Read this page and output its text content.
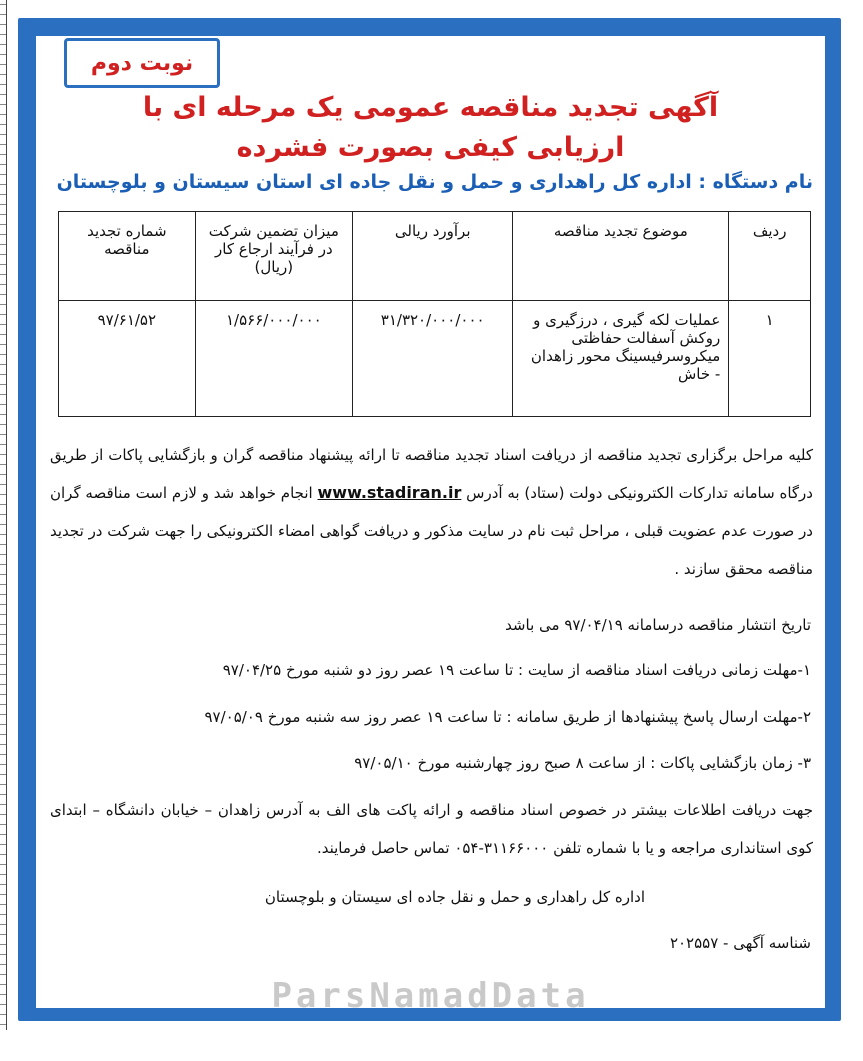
نوبت دوم
آگهی تجدید مناقصه عمومی یک مرحله ای با
ارزیابی کیفی بصورت فشرده
نام دستگاه : اداره کل راهداری و حمل و نقل جاده ای استان سیستان و بلوچستان
ردیف	موضوع تجدید مناقصه	برآورد ریالی	میزان تضمین شرکت در فرآیند ارجاع کار (ریال)	شماره تجدید مناقصه
۱	عملیات لکه گیری ، درزگیری و روکش آسفالت حفاظتی میکروسرفیسینگ محور زاهدان - خاش	۳۱/۳۲۰/۰۰۰/۰۰۰	۱/۵۶۶/۰۰۰/۰۰۰	۹۷/۶۱/۵۲
کلیه مراحل برگزاری تجدید مناقصه از دریافت اسناد تجدید مناقصه تا ارائه پیشنهاد مناقصه گران و بازگشایی پاکات از طریق درگاه سامانه تدارکات الکترونیکی دولت (ستاد) به آدرس www.stadiran.ir انجام خواهد شد و لازم است مناقصه گران در صورت عدم عضویت قبلی ، مراحل ثبت نام در سایت مذکور و دریافت گواهی امضاء الکترونیکی را جهت شرکت در تجدید مناقصه محقق سازند .
تاریخ انتشار مناقصه درسامانه ۹۷/۰۴/۱۹ می باشد
۱-مهلت زمانی دریافت اسناد مناقصه از سایت : تا ساعت ۱۹ عصر روز دو شنبه مورخ ۹۷/۰۴/۲۵
۲-مهلت ارسال پاسخ پیشنهادها از طریق سامانه : تا ساعت ۱۹ عصر روز سه شنبه مورخ ۹۷/۰۵/۰۹
۳- زمان بازگشایی پاکات : از ساعت ۸ صبح روز چهارشنبه مورخ ۹۷/۰۵/۱۰
جهت دریافت اطلاعات بیشتر در خصوص اسناد مناقصه و ارائه پاکت های الف به آدرس زاهدان – خیابان دانشگاه – ابتدای کوی استانداری مراجعه و یا با شماره تلفن ۳۱۱۶۶۰۰۰-۰۵۴ تماس حاصل فرمایند.
اداره کل راهداری و حمل و نقل جاده ای سیستان و بلوچستان
شناسه آگهی - ۲۰۲۵۵۷
ParsNamadData
